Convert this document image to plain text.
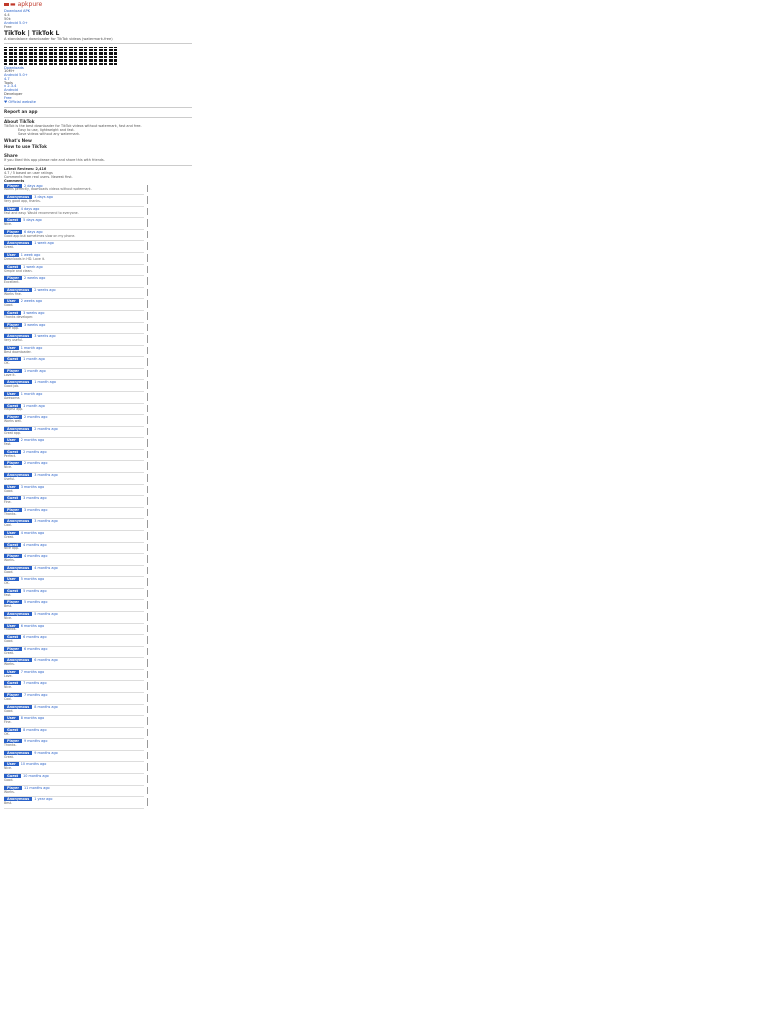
▬ apkpure
Download APK
4.4
50k
Android 5.0+
Free
TikTok | TikTok L
A standalone downloader for TikTok videos (watermark-free)
Downloads
10M+
Android 5.0+
4.7
Tools
v 2.3.4
Android
Developer
Free
♥ Official website
Report an app
About TikTok
TikTok is the best downloader for TikTok videos without watermark, fast and free.
Easy to use, lightweight and fast.
Save videos without any watermark.
What's New
How to use TikTok
Share
If you liked this app please rate and share this with friends.
Latest Reviews: 2,416
4.7 / 5 based on user ratings
Comments from real users. Newest first.
Comments
Player 2 days ago
Works perfectly, downloads videos without watermark.
Anonymous 3 days ago
Very good app, thanks.
User 4 days ago
Fast and easy. Would recommend to everyone.
Guest 5 days ago
Nice.
Player 6 days ago
Good app but sometimes slow on my phone.
Anonymous 1 week ago
Great.
User 1 week ago
Downloads in HD. Love it.
Guest 1 week ago
Simple and clean.
Player 2 weeks ago
Excellent.
Anonymous 2 weeks ago
Works fine.
User 2 weeks ago
Good.
Guest 3 weeks ago
Thanks developer.
Player 3 weeks ago
Nice app.
Anonymous 3 weeks ago
Very useful.
User 1 month ago
Best downloader.
Guest 1 month ago
OK.
Player 1 month ago
Love it.
Anonymous 1 month ago
Good job.
User 1 month ago
Awesome.
Guest 1 month ago
Helpful app.
Player 2 months ago
Works well.
Anonymous 2 months ago
Great app.
User 2 months ago
Fast.
Guest 2 months ago
Perfect.
Player 2 months ago
Nice.
Anonymous 3 months ago
Useful.
User 3 months ago
Good.
Guest 3 months ago
Fine.
Player 3 months ago
Thanks.
Anonymous 3 months ago
Cool.
User 4 months ago
Great.
Guest 4 months ago
Nice app.
Player 4 months ago
Works.
Anonymous 4 months ago
Good.
User 5 months ago
OK.
Guest 5 months ago
Fast.
Player 5 months ago
Best.
Anonymous 5 months ago
Nice.
User 6 months ago
Thanks.
Guest 6 months ago
Good.
Player 6 months ago
Great.
Anonymous 6 months ago
Works.
User 7 months ago
Love.
Guest 7 months ago
Nice.
Player 7 months ago
Cool.
Anonymous 8 months ago
Good.
User 8 months ago
Fine.
Guest 8 months ago
OK.
Player 9 months ago
Thanks.
Anonymous 9 months ago
Great.
User 10 months ago
Nice.
Guest 10 months ago
Good.
Player 11 months ago
Works.
Anonymous 1 year ago
Best.
